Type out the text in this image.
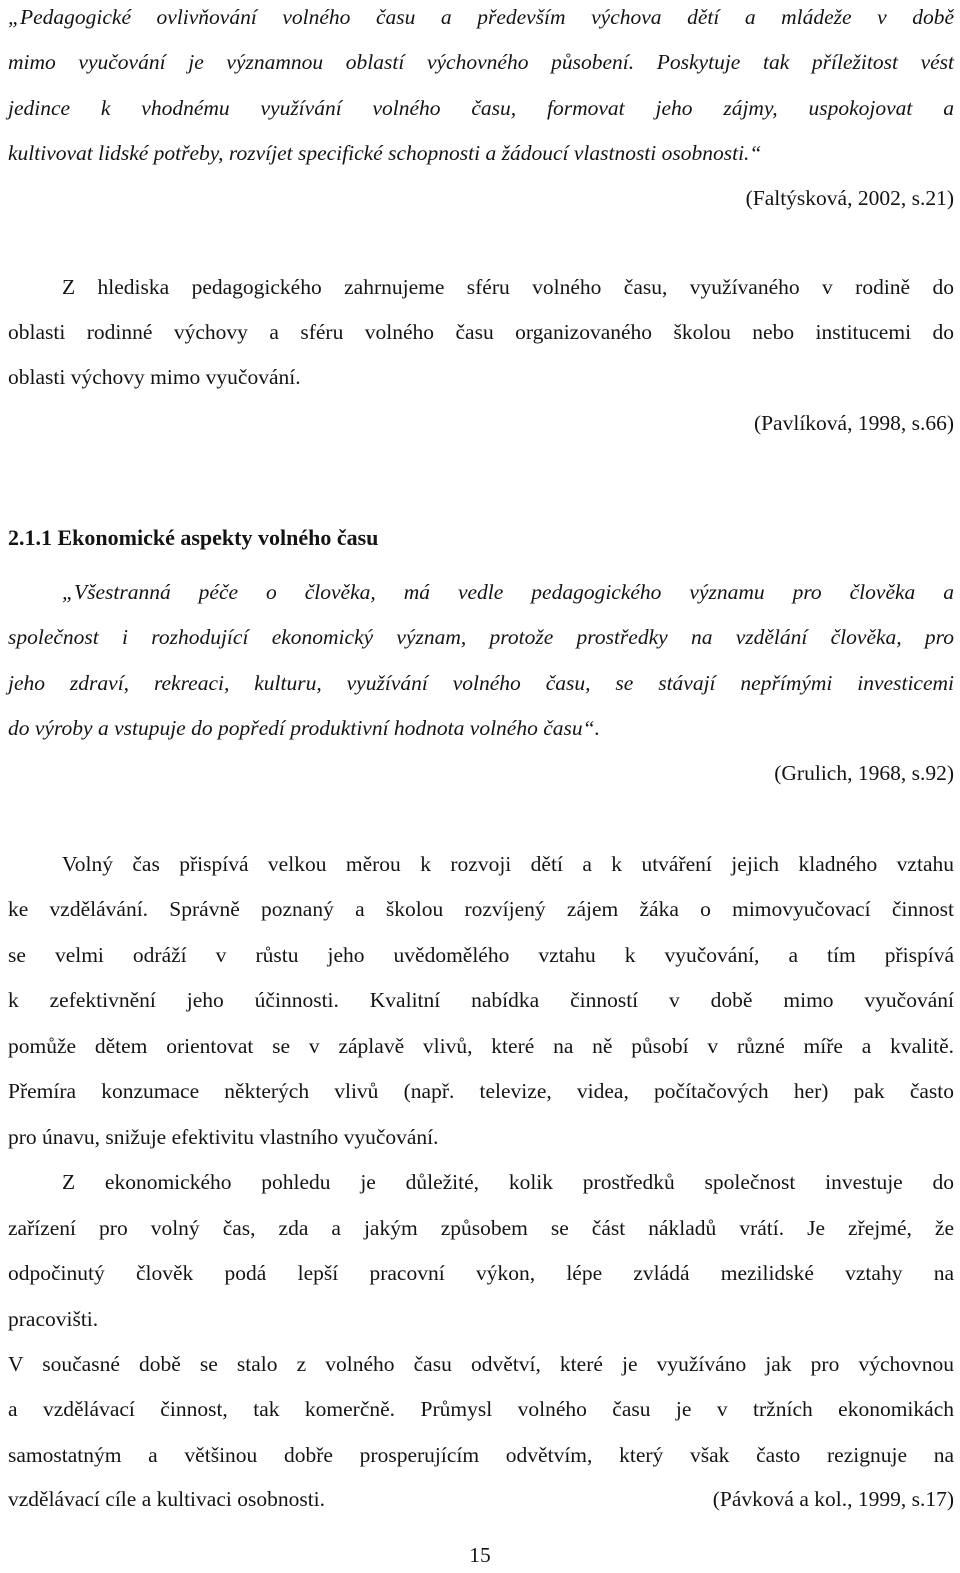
„Pedagogické ovlivňování volného času a především výchova dětí a mládeže v době
mimo vyučování je významnou oblastí výchovného působení. Poskytuje tak příležitost vést
jedince k vhodnému využívání volného času, formovat jeho zájmy, uspokojovat a
kultivovat lidské potřeby, rozvíjet specifické schopnosti a žádoucí vlastnosti osobnosti.“
(Faltýsková, 2002, s.21)
Z hlediska pedagogického zahrnujeme sféru volného času, využívaného v rodině do
oblasti rodinné výchovy a sféru volného času organizovaného školou nebo institucemi do
oblasti výchovy mimo vyučování.
(Pavlíková, 1998, s.66)
2.1.1 Ekonomické aspekty volného času
„Všestranná péče o člověka, má vedle pedagogického významu pro člověka a
společnost i rozhodující ekonomický význam, protože prostředky na vzdělání člověka, pro
jeho zdraví, rekreaci, kulturu, využívání volného času, se stávají nepřímými investicemi
do výroby a vstupuje do popředí produktivní hodnota volného času“.
(Grulich, 1968, s.92)
Volný čas přispívá velkou měrou k rozvoji dětí a k utváření jejich kladného vztahu
ke vzdělávání. Správně poznaný a školou rozvíjený zájem žáka o mimovyučovací činnost
se velmi odráží v růstu jeho uvědomělého vztahu k vyučování, a tím přispívá
k zefektivnění jeho účinnosti. Kvalitní nabídka činností v době mimo vyučování
pomůže dětem orientovat se v záplavě vlivů, které na ně působí v různé míře a kvalitě.
Přemíra konzumace některých vlivů (např. televize, videa, počítačových her) pak často
pro únavu, snižuje efektivitu vlastního vyučování.
Z ekonomického pohledu je důležité, kolik prostředků společnost investuje do
zařízení pro volný čas, zda a jakým způsobem se část nákladů vrátí. Je zřejmé, že
odpočinutý člověk podá lepší pracovní výkon, lépe zvládá mezilidské vztahy na
pracovišti.
V současné době se stalo z volného času odvětví, které je využíváno jak pro výchovnou
a vzdělávací činnost, tak komerčně. Průmysl volného času je v tržních ekonomikách
samostatným a většinou dobře prosperujícím odvětvím, který však často rezignuje na
vzdělávací cíle a kultivaci osobnosti.	(Pávková a kol., 1999, s.17)
15
